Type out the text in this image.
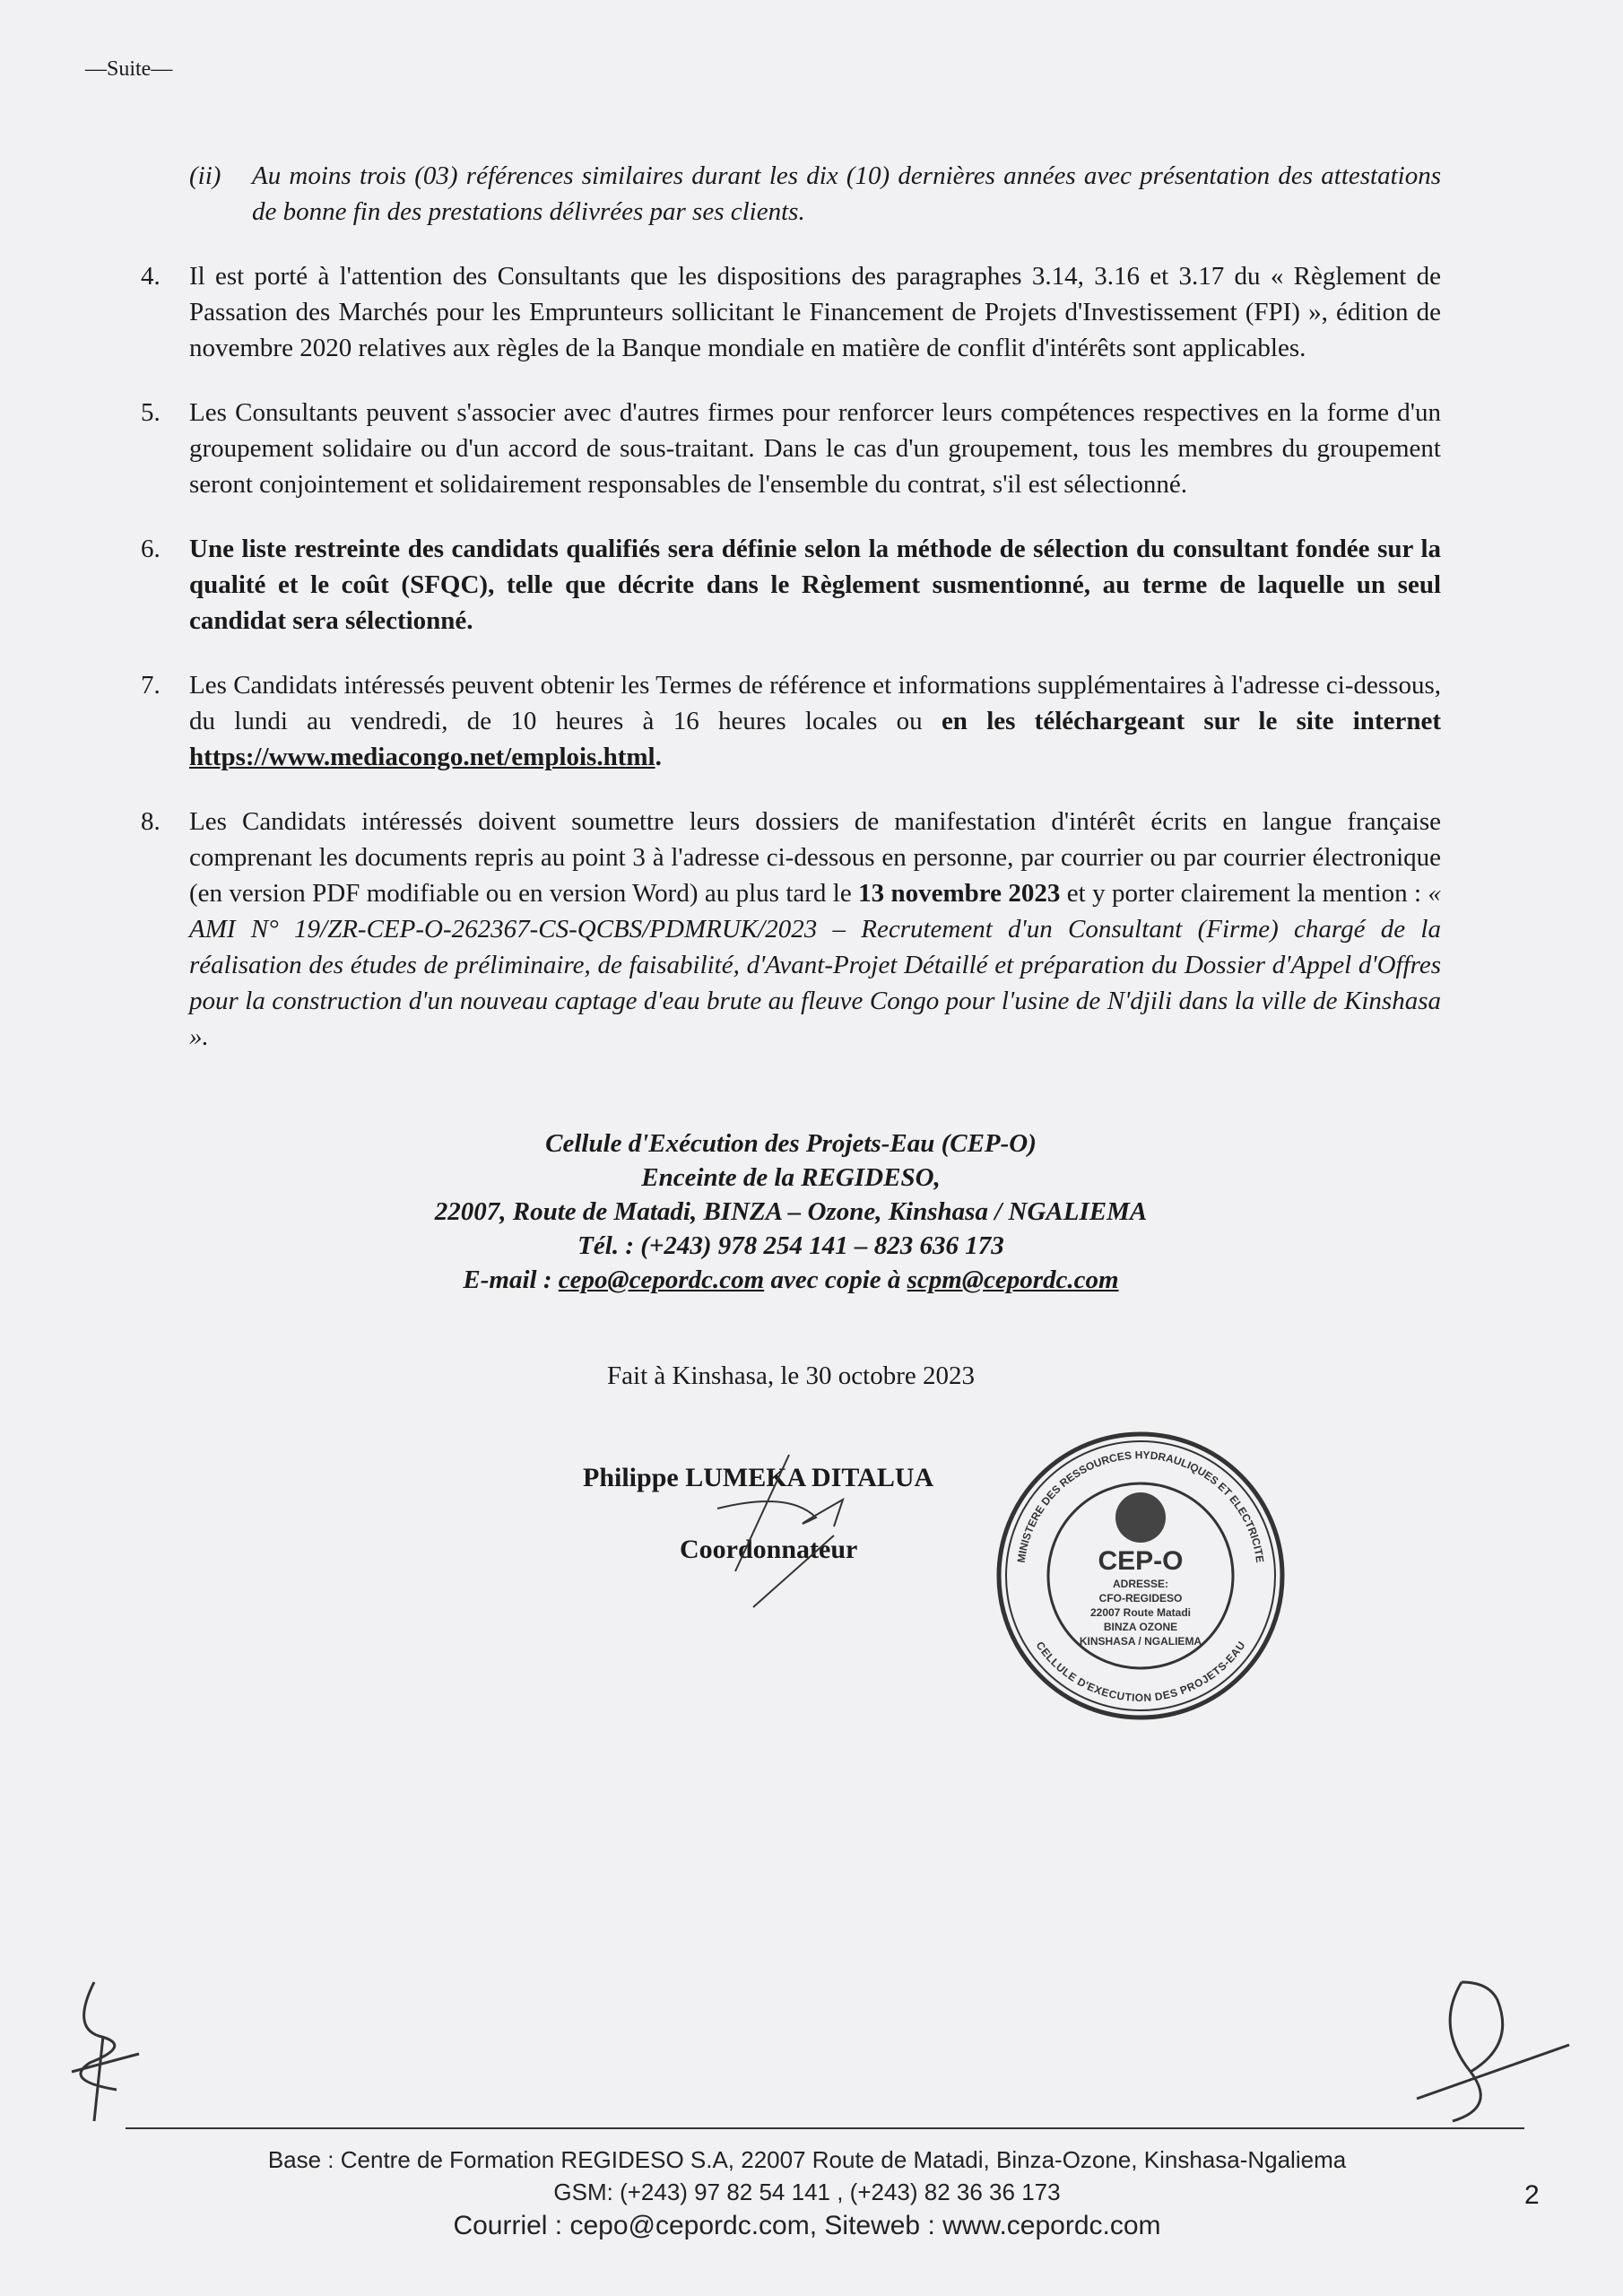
—Suite—
(ii)	Au moins trois (03) références similaires durant les dix (10) dernières années avec présentation des attestations de bonne fin des prestations délivrées par ses clients.
4.	Il est porté à l'attention des Consultants que les dispositions des paragraphes 3.14, 3.16 et 3.17 du « Règlement de Passation des Marchés pour les Emprunteurs sollicitant le Financement de Projets d'Investissement (FPI) », édition de novembre 2020 relatives aux règles de la Banque mondiale en matière de conflit d'intérêts sont applicables.
5.	Les Consultants peuvent s'associer avec d'autres firmes pour renforcer leurs compétences respectives en la forme d'un groupement solidaire ou d'un accord de sous-traitant. Dans le cas d'un groupement, tous les membres du groupement seront conjointement et solidairement responsables de l'ensemble du contrat, s'il est sélectionné.
6.	Une liste restreinte des candidats qualifiés sera définie selon la méthode de sélection du consultant fondée sur la qualité et le coût (SFQC), telle que décrite dans le Règlement susmentionné, au terme de laquelle un seul candidat sera sélectionné.
7.	Les Candidats intéressés peuvent obtenir les Termes de référence et informations supplémentaires à l'adresse ci-dessous, du lundi au vendredi, de 10 heures à 16 heures locales ou en les téléchargeant sur le site internet https://www.mediacongo.net/emplois.html.
8.	Les Candidats intéressés doivent soumettre leurs dossiers de manifestation d'intérêt écrits en langue française comprenant les documents repris au point 3 à l'adresse ci-dessous en personne, par courrier ou par courrier électronique (en version PDF modifiable ou en version Word) au plus tard le 13 novembre 2023 et y porter clairement la mention : « AMI N° 19/ZR-CEP-O-262367-CS-QCBS/PDMRUK/2023 – Recrutement d'un Consultant (Firme) chargé de la réalisation des études de préliminaire, de faisabilité, d'Avant-Projet Détaillé et préparation du Dossier d'Appel d'Offres pour la construction d'un nouveau captage d'eau brute au fleuve Congo pour l'usine de N'djili dans la ville de Kinshasa ».
Cellule d'Exécution des Projets-Eau (CEP-O)
Enceinte de la REGIDESO,
22007, Route de Matadi, BINZA – Ozone, Kinshasa / NGALIEMA
Tél. : (+243) 978 254 141 – 823 636 173
E-mail : cepo@cepordc.com avec copie à scpm@cepordc.com
Fait à Kinshasa, le 30 octobre 2023
Philippe LUMEKA DITALUA
Coordonnateur	MINISTERE DES RESSOURCES HYDRAULIQUES ET ELECTRICITE
CELLULE D'EXECUTION DES PROJETS-EAU
CEP-O
ADRESSE:
CFO-REGIDESO
22007 Route Matadi
BINZA OZONE
KINSHASA / NGALIEMA
Base : Centre de Formation REGIDESO S.A, 22007 Route de Matadi, Binza-Ozone, Kinshasa-Ngaliema
GSM: (+243) 97 82 54 141 , (+243) 82 36 36 173
Courriel : cepo@cepordc.com, Siteweb : www.cepordc.com
2
